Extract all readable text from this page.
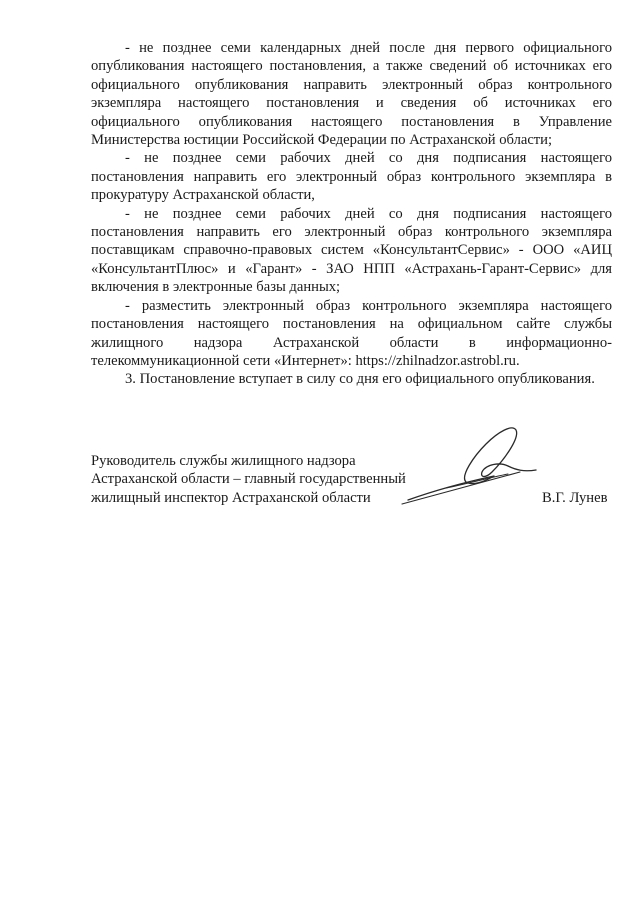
- не позднее семи календарных дней после дня первого официального опубликования настоящего постановления, а также сведений об источниках его официального опубликования направить электронный образ контрольного экземпляра настоящего постановления и сведения об источниках его официального опубликования настоящего постановления в Управление Министерства юстиции Российской Федерации по Астраханской области;

- не позднее семи рабочих дней со дня подписания настоящего постановления направить его электронный образ контрольного экземпляра в прокуратуру Астраханской области,

- не позднее семи рабочих дней со дня подписания настоящего постановления направить его электронный образ контрольного экземпляра поставщикам справочно-правовых систем «КонсультантСервис» - ООО «АИЦ «КонсультантПлюс» и «Гарант» - ЗАО НПП «Астрахань-Гарант-Сервис» для включения в электронные базы данных;

- разместить электронный образ контрольного экземпляра настоящего постановления настоящего постановления на официальном сайте службы жилищного надзора Астраханской области в информационно-телекоммуникационной сети «Интернет»: https://zhilnadzor.astrobl.ru.

3. Постановление вступает в силу со дня его официального опубликования.

Руководитель службы жилищного надзора
Астраханской области – главный государственный
жилищный инспектор Астраханской области	В.Г. Лунев
